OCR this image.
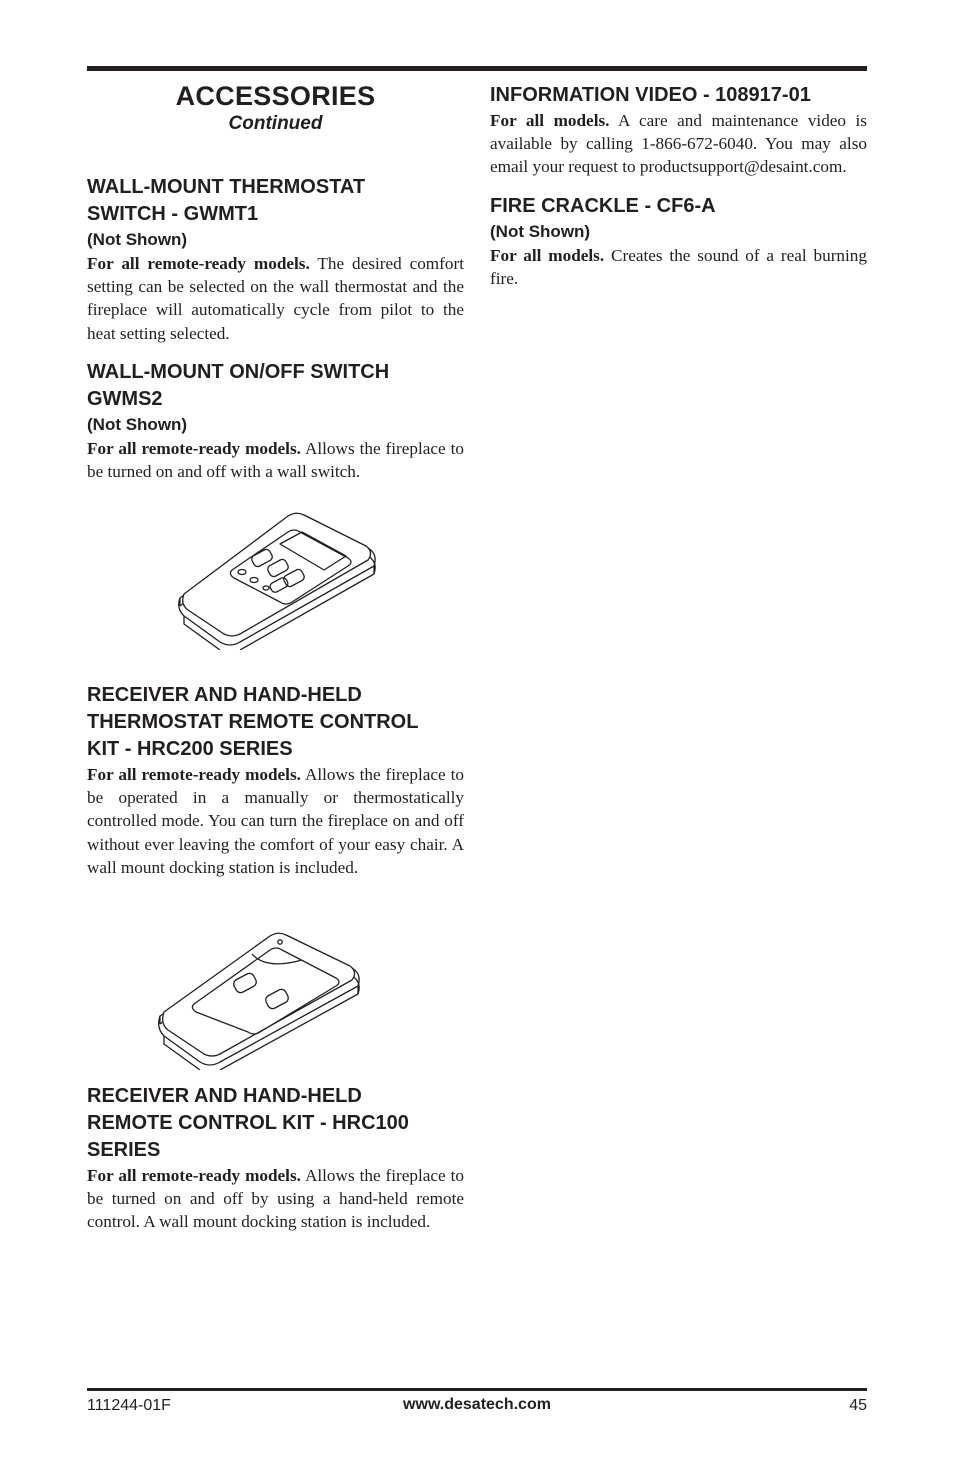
ACCESSORIES

Continued

WALL-MOUNT THERMOSTAT
SWITCH - GWMT1

(Not Shown)

For all remote-ready models. The desired comfort setting can be selected on the wall thermostat and the fireplace will automatically cycle from pilot to the heat setting selected.

WALL-MOUNT ON/OFF SWITCH
GWMS2

(Not Shown)

For all remote-ready models. Allows the fireplace to be turned on and off with a wall switch.

RECEIVER AND HAND-HELD
THERMOSTAT REMOTE CONTROL
KIT - HRC200 SERIES

For all remote-ready models. Allows the fireplace to be operated in a manually or thermostatically controlled mode. You can turn the fireplace on and off without ever leaving the comfort of your easy chair. A wall mount docking station is included.

RECEIVER AND HAND-HELD
REMOTE CONTROL KIT - HRC100
SERIES

For all remote-ready models. Allows the fireplace to be turned on and off by using a hand-held remote control. A wall mount docking station is included.

INFORMATION VIDEO - 108917-01

For all models. A care and maintenance video is available by calling 1-866-672-6040. You may also email your request to productsupport@desaint.com.

FIRE CRACKLE - CF6-A

(Not Shown)

For all models. Creates the sound of a real burning fire.

111244-01F	www.desatech.com	45
